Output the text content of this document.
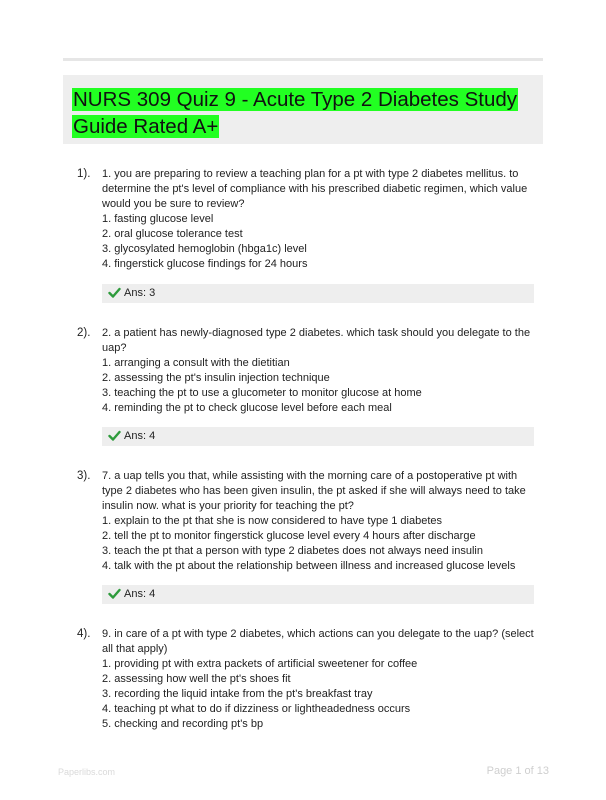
NURS 309 Quiz 9 - Acute Type 2 Diabetes Study Guide Rated A+
1). 1. you are preparing to review a teaching plan for a pt with type 2 diabetes mellitus. to determine the pt's level of compliance with his prescribed diabetic regimen, which value would you be sure to review?
1. fasting glucose level
2. oral glucose tolerance test
3. glycosylated hemoglobin (hbga1c) level
4. fingerstick glucose findings for 24 hours
Ans: 3
2). 2. a patient has newly-diagnosed type 2 diabetes. which task should you delegate to the uap?
1. arranging a consult with the dietitian
2. assessing the pt's insulin injection technique
3. teaching the pt to use a glucometer to monitor glucose at home
4. reminding the pt to check glucose level before each meal
Ans: 4
3). 7. a uap tells you that, while assisting with the morning care of a postoperative pt with type 2 diabetes who has been given insulin, the pt asked if she will always need to take insulin now. what is your priority for teaching the pt?
1. explain to the pt that she is now considered to have type 1 diabetes
2. tell the pt to monitor fingerstick glucose level every 4 hours after discharge
3. teach the pt that a person with type 2 diabetes does not always need insulin
4. talk with the pt about the relationship between illness and increased glucose levels
Ans: 4
4). 9. in care of a pt with type 2 diabetes, which actions can you delegate to the uap? (select all that apply)
1. providing pt with extra packets of artificial sweetener for coffee
2. assessing how well the pt's shoes fit
3. recording the liquid intake from the pt's breakfast tray
4. teaching pt what to do if dizziness or lightheadedness occurs
5. checking and recording pt's bp
Paperlibs.com	Page 1 of 13
